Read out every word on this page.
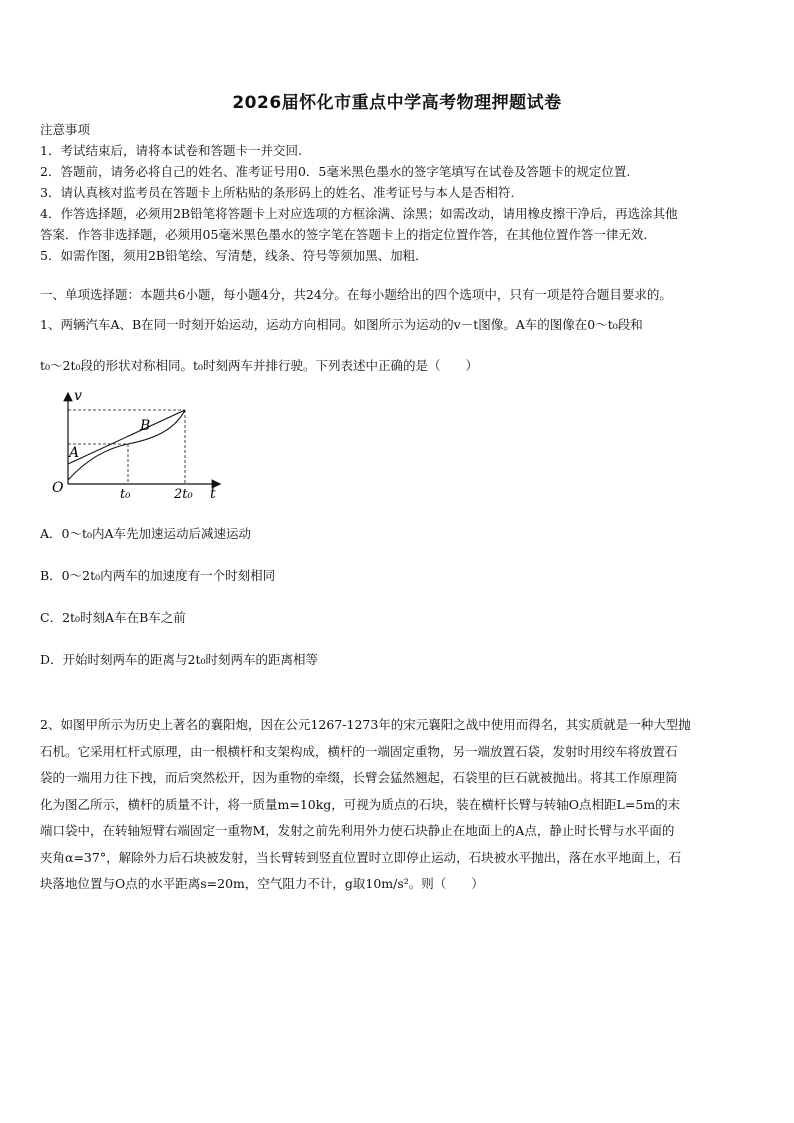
2026届怀化市重点中学高考物理押题试卷
注意事项
1．考试结束后，请将本试卷和答题卡一并交回.
2．答题前，请务必将自己的姓名、准考证号用0．5毫米黑色墨水的签字笔填写在试卷及答题卡的规定位置.
3．请认真核对监考员在答题卡上所粘贴的条形码上的姓名、准考证号与本人是否相符.
4．作答选择题，必须用2B铅笔将答题卡上对应选项的方框涂满、涂黑；如需改动，请用橡皮擦干净后，再选涂其他
答案．作答非选择题，必须用05毫米黑色墨水的签字笔在答题卡上的指定位置作答，在其他位置作答一律无效．
5．如需作图，须用2B铅笔绘、写清楚，线条、符号等须加黑、加粗．
一、单项选择题：本题共6小题，每小题4分，共24分。在每小题给出的四个选项中，只有一项是符合题目要求的。
1、两辆汽车A、B在同一时刻开始运动，运动方向相同。如图所示为运动的v－t图像。A车的图像在0～t₀段和
t₀～2t₀段的形状对称相同。t₀时刻两车并排行驶。下列表述中正确的是（　　）
v
t
O
A
B
t₀	2t₀
A．0～t₀内A车先加速运动后减速运动
B．0～2t₀内两车的加速度有一个时刻相同
C．2t₀时刻A车在B车之前
D．开始时刻两车的距离与2t₀时刻两车的距离相等

2、如图甲所示为历史上著名的襄阳炮，因在公元1267-1273年的宋元襄阳之战中使用而得名，其实质就是一种大型抛

石机。它采用杠杆式原理，由一根横杆和支架构成，横杆的一端固定重物，另一端放置石袋，发射时用绞车将放置石

袋的一端用力往下拽，而后突然松开，因为重物的牵缀，长臂会猛然翘起，石袋里的巨石就被抛出。将其工作原理简

化为图乙所示，横杆的质量不计，将一质量m=10kg，可视为质点的石块，装在横杆长臂与转轴O点相距L=5m的末

端口袋中，在转轴短臂右端固定一重物M，发射之前先利用外力使石块静止在地面上的A点，静止时长臂与水平面的

夹角α=37°，解除外力后石块被发射，当长臂转到竖直位置时立即停止运动，石块被水平抛出，落在水平地面上，石

块落地位置与O点的水平距离s=20m，空气阻力不计，g取10m/s²。则（　　）
